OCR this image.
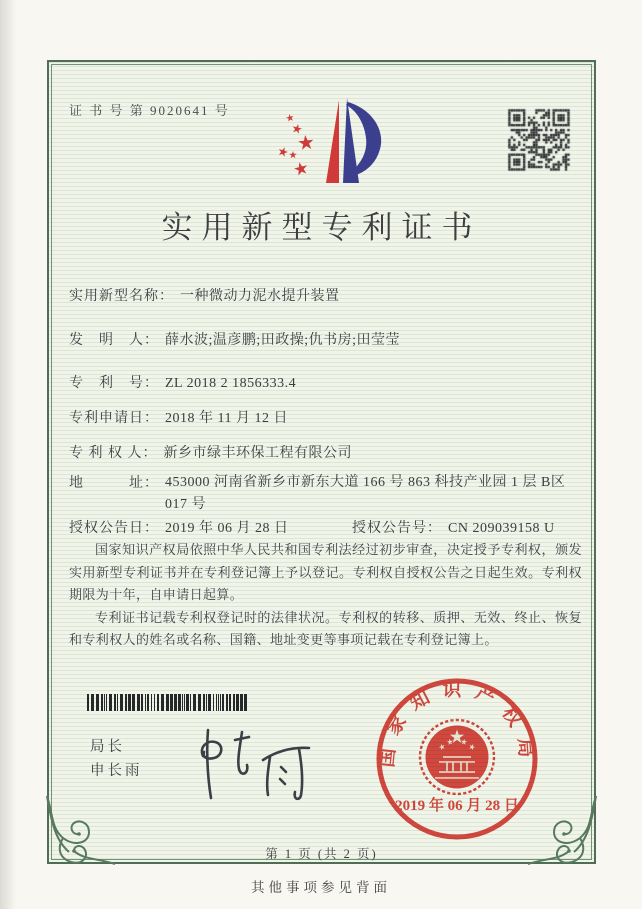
证 书 号 第 9020641 号
实用新型专利证书
实用新型名称： 一种微动力泥水提升装置
发　明　人： 薛水波;温彦鹏;田政操;仇书房;田莹莹
专　利　号： ZL 2018 2 1856333.4
专利申请日： 2018 年 11 月 12 日
专 利 权 人： 新乡市绿丰环保工程有限公司
地　　　址： 453000 河南省新乡市新东大道 166 号 863 科技产业园 1 层 B区 017 号
授权公告日： 2019 年 06 月 28 日	授权公告号： CN 209039158 U

国家知识产权局依照中华人民共和国专利法经过初步审查，决定授予专利权，颁发实用新型专利证书并在专利登记簿上予以登记。专利权自授权公告之日起生效。专利权期限为十年，自申请日起算。

专利证书记载专利权登记时的法律状况。专利权的转移、质押、无效、终止、恢复和专利权人的姓名或名称、国籍、地址变更等事项记载在专利登记簿上。

局长
申长雨
国家知识产权局
2019 年 06 月 28 日
第 1 页 (共 2 页)
其他事项参见背面
